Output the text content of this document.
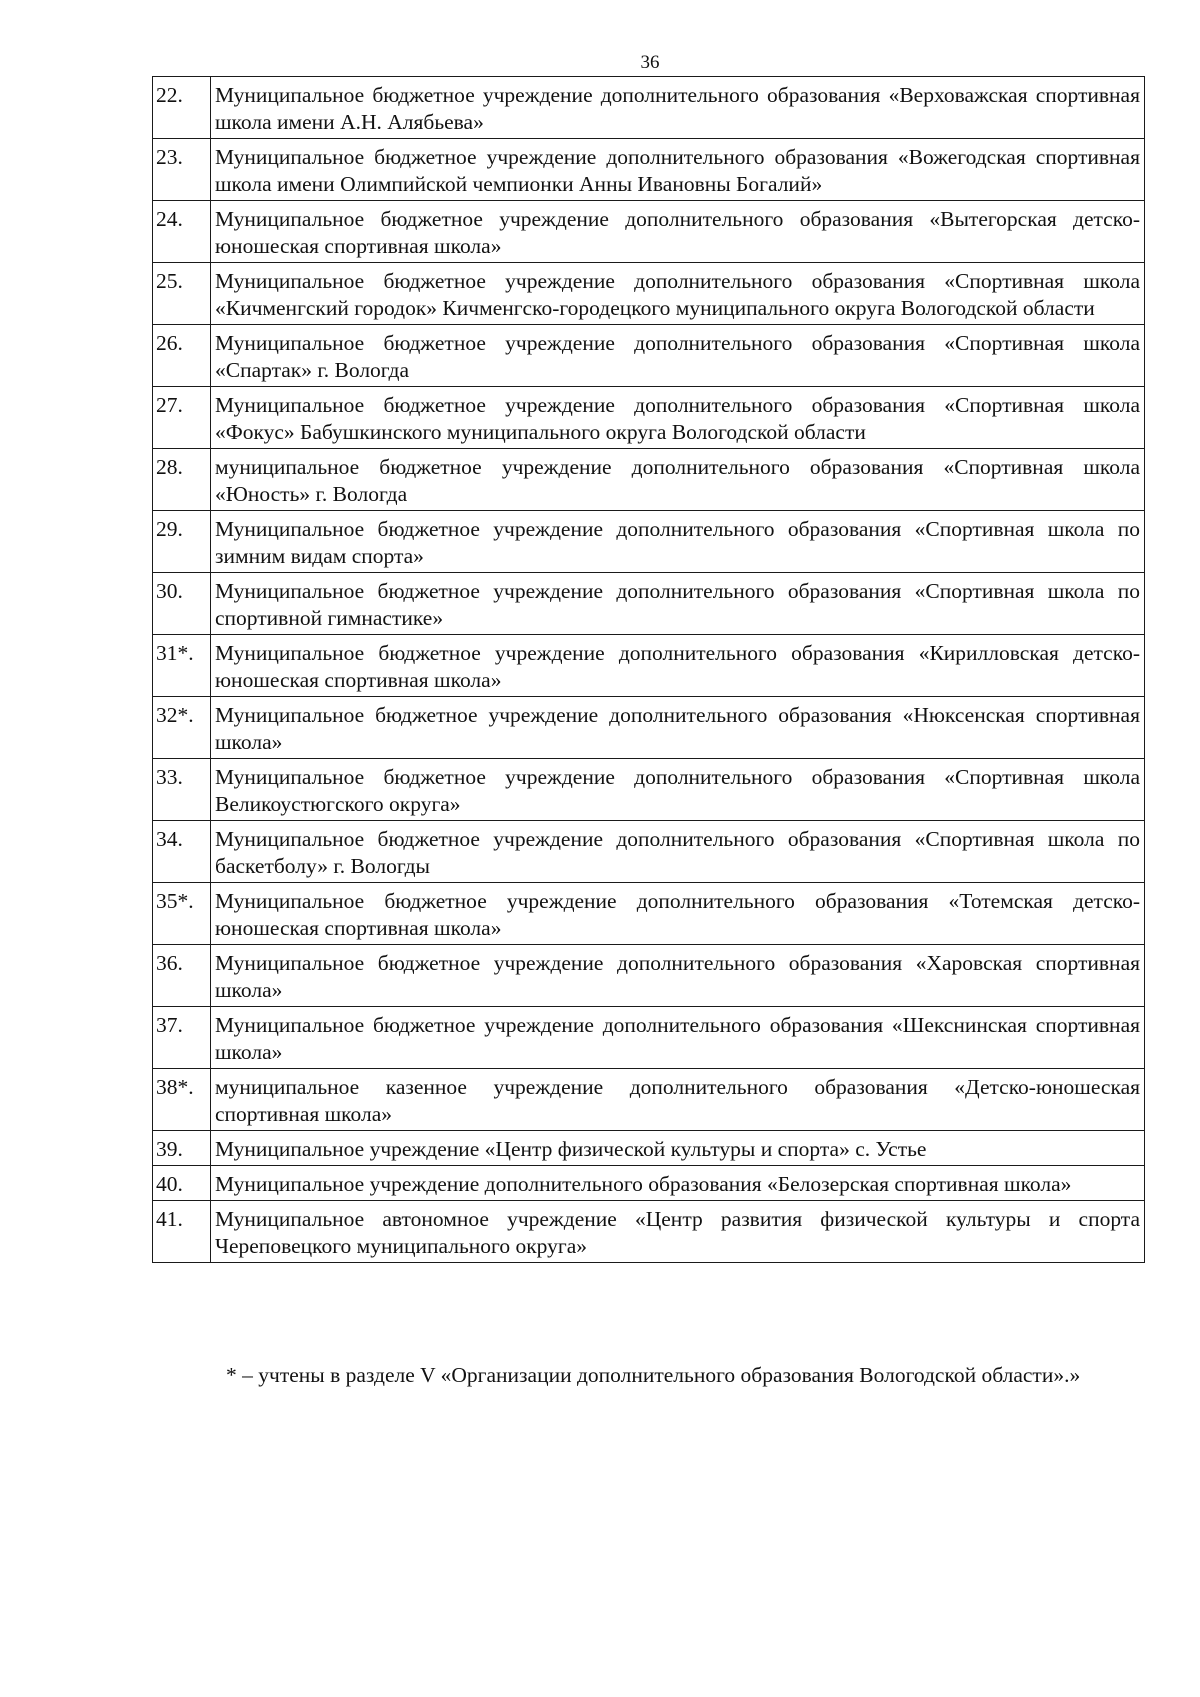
36
22.	Муниципальное бюджетное учреждение дополнительного образования «Верховажская спортивная школа имени А.Н. Алябьева»
23.	Муниципальное бюджетное учреждение дополнительного образования «Вожегодская спортивная школа имени Олимпийской чемпионки Анны Ивановны Богалий»
24.	Муниципальное бюджетное учреждение дополнительного образования «Вытегорская детско-юношеская спортивная школа»
25.	Муниципальное бюджетное учреждение дополнительного образования «Спортивная школа «Кичменгский городок» Кичменгско-городецкого муниципального округа Вологодской области
26.	Муниципальное бюджетное учреждение дополнительного образования «Спортивная школа «Спартак» г. Вологда
27.	Муниципальное бюджетное учреждение дополнительного образования «Спортивная школа «Фокус» Бабушкинского муниципального округа Вологодской области
28.	муниципальное бюджетное учреждение дополнительного образования «Спортивная школа «Юность» г. Вологда
29.	Муниципальное бюджетное учреждение дополнительного образования «Спортивная школа по зимним видам спорта»
30.	Муниципальное бюджетное учреждение дополнительного образования «Спортивная школа по спортивной гимнастике»
31*.	Муниципальное бюджетное учреждение дополнительного образования «Кирилловская детско-юношеская спортивная школа»
32*.	Муниципальное бюджетное учреждение дополнительного образования «Нюксенская спортивная школа»
33.	Муниципальное бюджетное учреждение дополнительного образования «Спортивная школа Великоустюгского округа»
34.	Муниципальное бюджетное учреждение дополнительного образования «Спортивная школа по баскетболу» г. Вологды
35*.	Муниципальное бюджетное учреждение дополнительного образования «Тотемская детско-юношеская спортивная школа»
36.	Муниципальное бюджетное учреждение дополнительного образования «Харовская спортивная школа»
37.	Муниципальное бюджетное учреждение дополнительного образования «Шекснинская спортивная школа»
38*.	муниципальное казенное учреждение дополнительного образования «Детско-юношеская спортивная школа»
39.	Муниципальное учреждение «Центр физической культуры и спорта» с. Устье
40.	Муниципальное учреждение дополнительного образования «Белозерская спортивная школа»
41.	Муниципальное автономное учреждение «Центр развития физической культуры и спорта Череповецкого муниципального округа»
* – учтены в разделе V «Организации дополнительного образования Вологодской области».»
